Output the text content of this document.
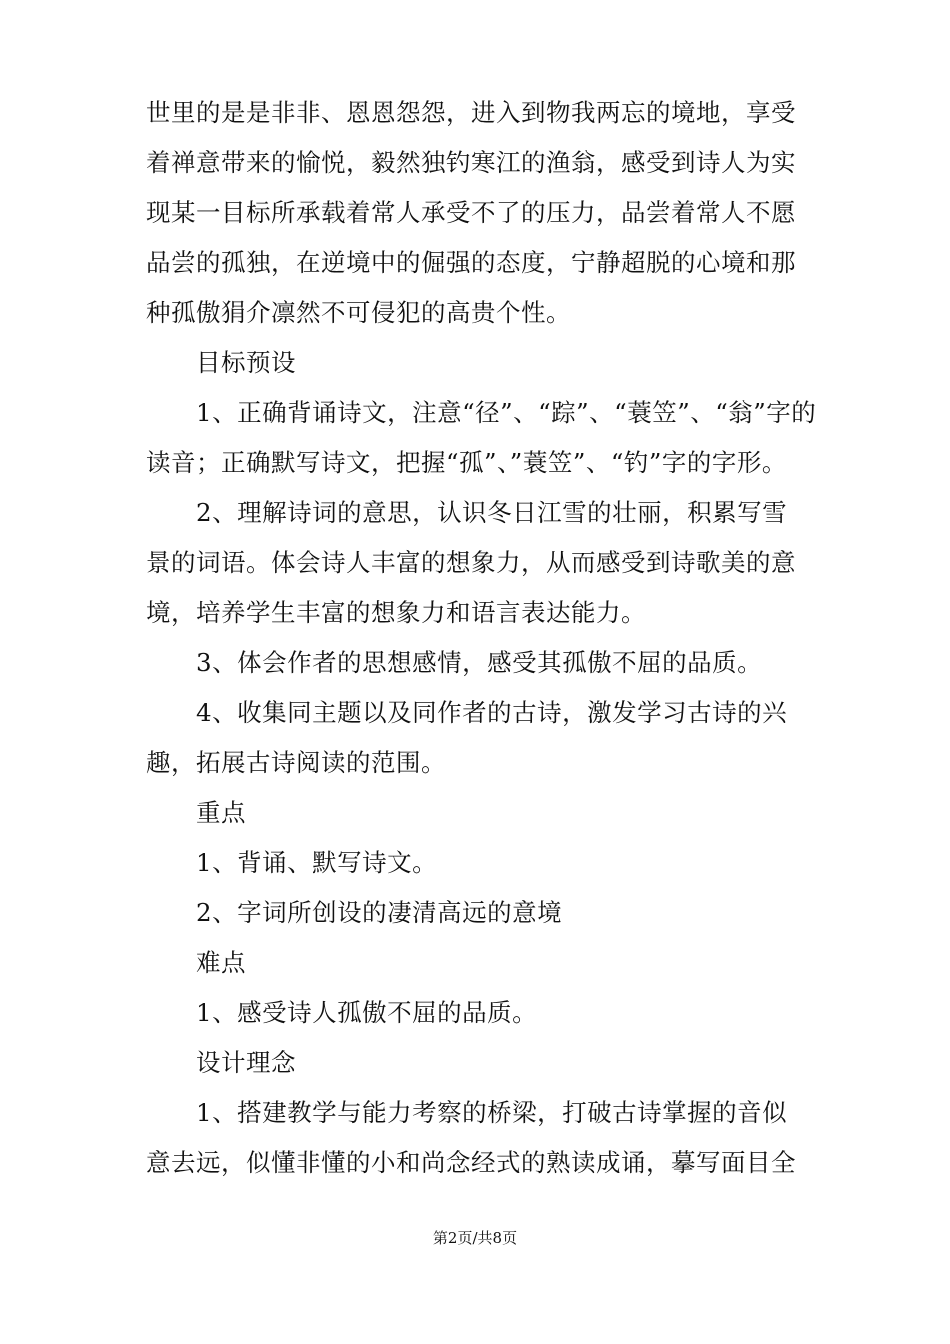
世里的是是非非、恩恩怨怨，进入到物我两忘的境地，享受
着禅意带来的愉悦，毅然独钓寒江的渔翁，感受到诗人为实
现某一目标所承载着常人承受不了的压力，品尝着常人不愿
品尝的孤独，在逆境中的倔强的态度，宁静超脱的心境和那
种孤傲狷介凛然不可侵犯的高贵个性。
目标预设
1、正确背诵诗文，注意“径”、“踪”、“蓑笠”、“翁”字的
读音；正确默写诗文，把握“孤”、”蓑笠”、“钓”字的字形。
2、理解诗词的意思，认识冬日江雪的壮丽，积累写雪
景的词语。体会诗人丰富的想象力，从而感受到诗歌美的意
境，培养学生丰富的想象力和语言表达能力。
3、体会作者的思想感情，感受其孤傲不屈的品质。
4、收集同主题以及同作者的古诗，激发学习古诗的兴
趣，拓展古诗阅读的范围。
重点
1、背诵、默写诗文。
2、字词所创设的凄清高远的意境
难点
1、感受诗人孤傲不屈的品质。
设计理念
1、搭建教学与能力考察的桥梁，打破古诗掌握的音似
意去远，似懂非懂的小和尚念经式的熟读成诵，摹写面目全
第2页/共8页
